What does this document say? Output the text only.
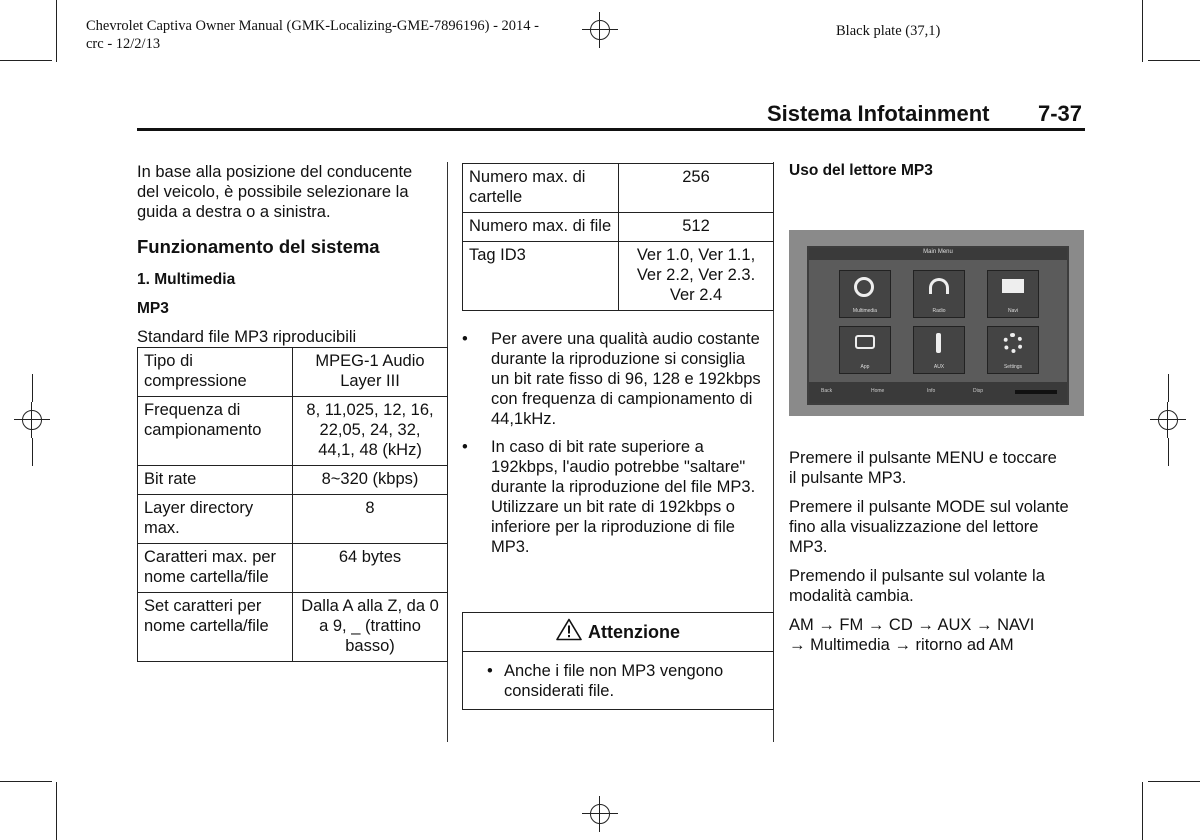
Chevrolet Captiva Owner Manual (GMK-Localizing-GME-7896196) - 2014 -
crc - 12/2/13
Black plate (37,1)
Sistema Infotainment 7-37

In base alla posizione del conducente del veicolo, è possibile selezionare la guida a destra o a sinistra.

Funzionamento del sistema
1. Multimedia
MP3
Standard file MP3 riproducibili
Tipo di compressione	MPEG-1 Audio Layer III
Frequenza di campionamento	8, 11,025, 12, 16, 22,05, 24, 32, 44,1, 48 (kHz)
Bit rate	8~320 (kbps)
Layer directory max.	8
Caratteri max. per nome cartella/file	64 bytes
Set caratteri per nome cartella/file	Dalla A alla Z, da 0 a 9, _ (trattino basso)
Numero max. di cartelle	256
Numero max. di file	512
Tag ID3	Ver 1.0, Ver 1.1, Ver 2.2, Ver 2.3. Ver 2.4
• Per avere una qualità audio costante durante la riproduzione si consiglia un bit rate fisso di 96, 128 e 192kbps con frequenza di campionamento di 44,1kHz.
• In caso di bit rate superiore a 192kbps, l'audio potrebbe "saltare" durante la riproduzione del file MP3. Utilizzare un bit rate di 192kbps o inferiore per la riproduzione di file MP3.
Attenzione
• Anche i file non MP3 vengono considerati file.
Uso del lettore MP3
Main Menu
Multimedia	Radio	Navi
App	AUX	Settings
Back	Home	Info	Disp

Premere il pulsante MENU e toccare il pulsante MP3.

Premere il pulsante MODE sul volante fino alla visualizzazione del lettore MP3.

Premendo il pulsante sul volante la modalità cambia.

AM → FM → CD → AUX → NAVI

→ Multimedia → ritorno ad AM
